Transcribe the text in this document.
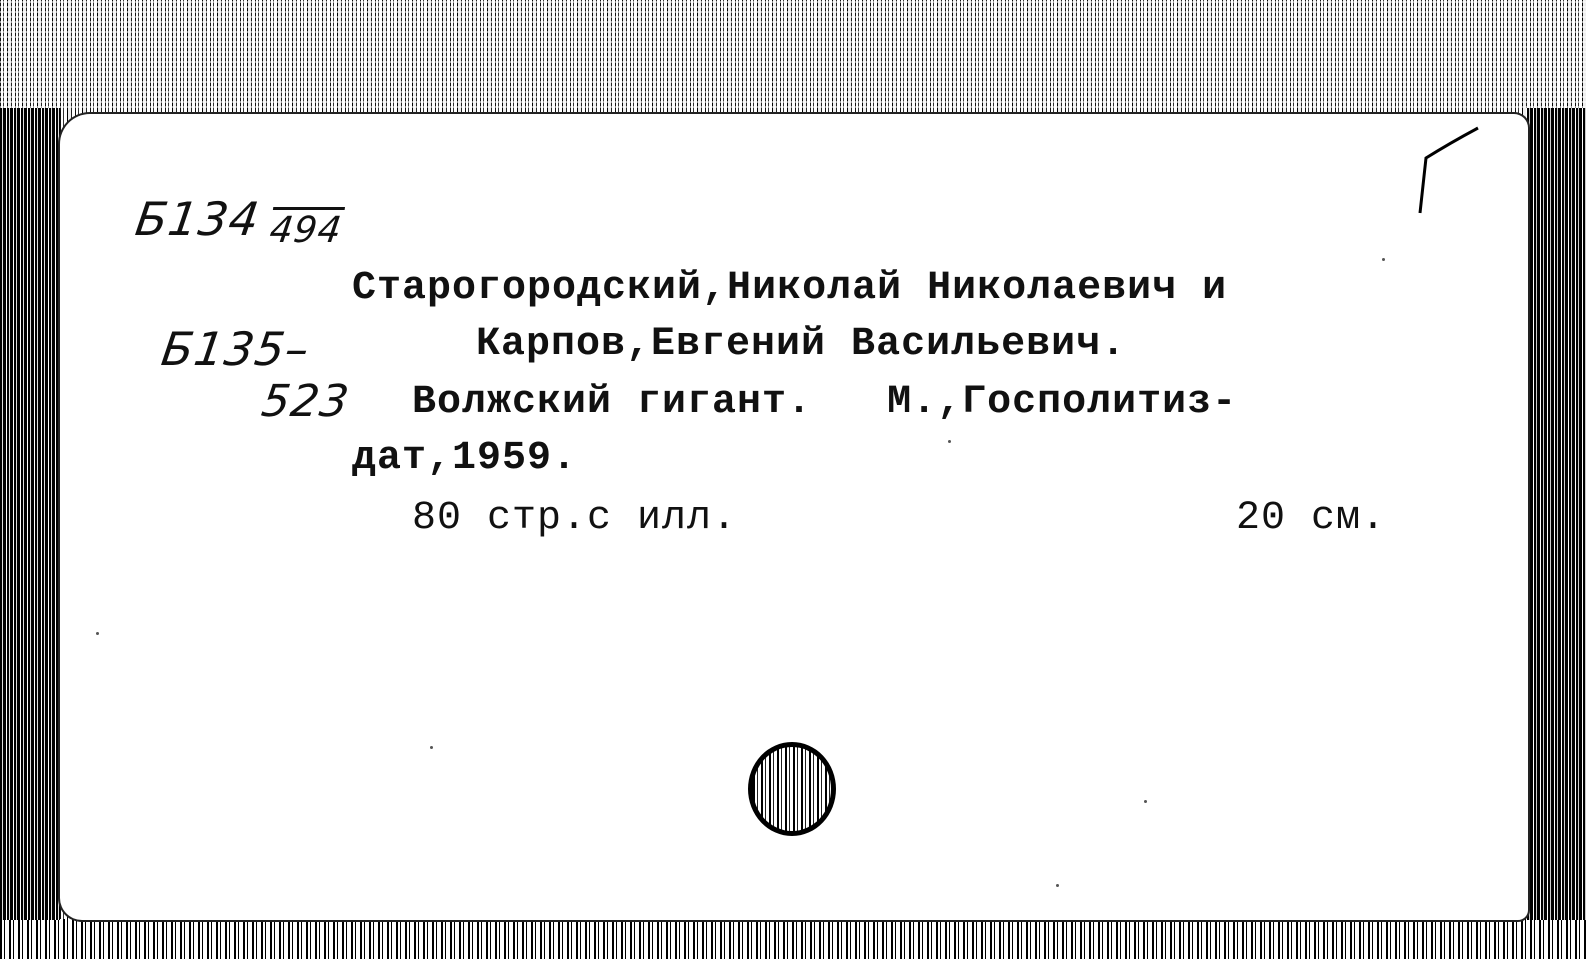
Б134 494
Б135–
523
Старогородский,Николай Николаевич и
Карпов,Евгений Васильевич.
Волжский гигант.   М.,Госполитиз-
дат,1959.
80 стр.с илл.	20 см.
